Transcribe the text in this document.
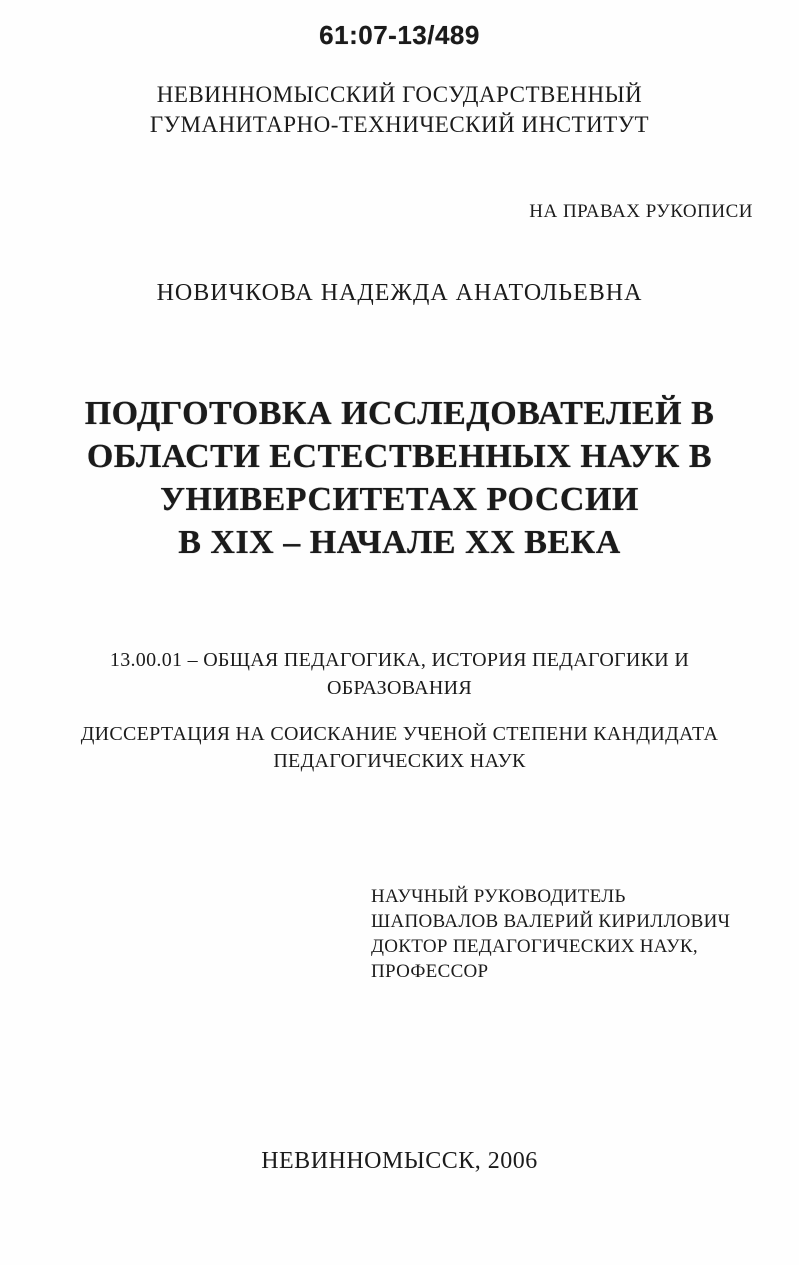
61:07-13/489
НЕВИННОМЫССКИЙ ГОСУДАРСТВЕННЫЙ
ГУМАНИТАРНО-ТЕХНИЧЕСКИЙ ИНСТИТУТ
НА ПРАВАХ РУКОПИСИ
НОВИЧКОВА НАДЕЖДА АНАТОЛЬЕВНА
ПОДГОТОВКА ИССЛЕДОВАТЕЛЕЙ В
ОБЛАСТИ ЕСТЕСТВЕННЫХ НАУК В
УНИВЕРСИТЕТАХ РОССИИ
В XIX – НАЧАЛЕ XX ВЕКА
13.00.01 – ОБЩАЯ ПЕДАГОГИКА, ИСТОРИЯ ПЕДАГОГИКИ И
ОБРАЗОВАНИЯ
ДИССЕРТАЦИЯ НА СОИСКАНИЕ УЧЕНОЙ СТЕПЕНИ КАНДИДАТА
ПЕДАГОГИЧЕСКИХ НАУК
НАУЧНЫЙ РУКОВОДИТЕЛЬ
ШАПОВАЛОВ ВАЛЕРИЙ КИРИЛЛОВИЧ
ДОКТОР ПЕДАГОГИЧЕСКИХ НАУК,
ПРОФЕССОР
НЕВИННОМЫССК, 2006
